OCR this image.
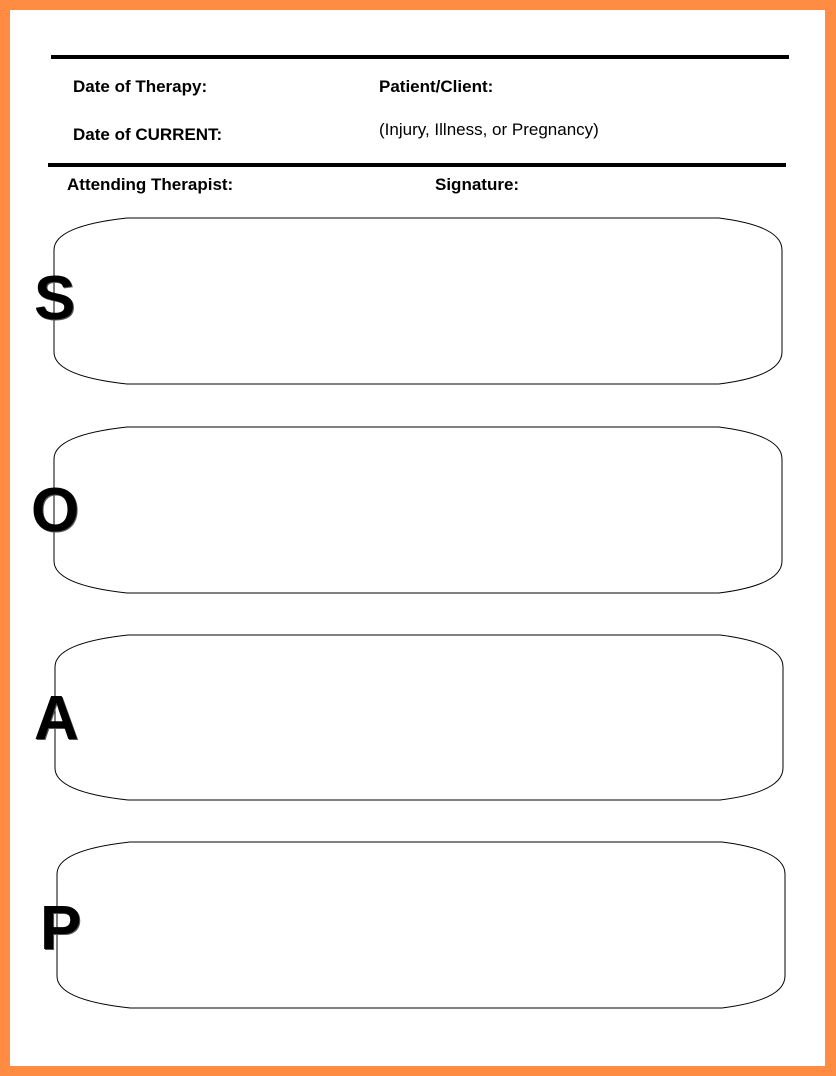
Date of Therapy:	Patient/Client:
Date of CURRENT:	(Injury, Illness, or Pregnancy)
Attending Therapist:	Signature:
S
O
A
P
